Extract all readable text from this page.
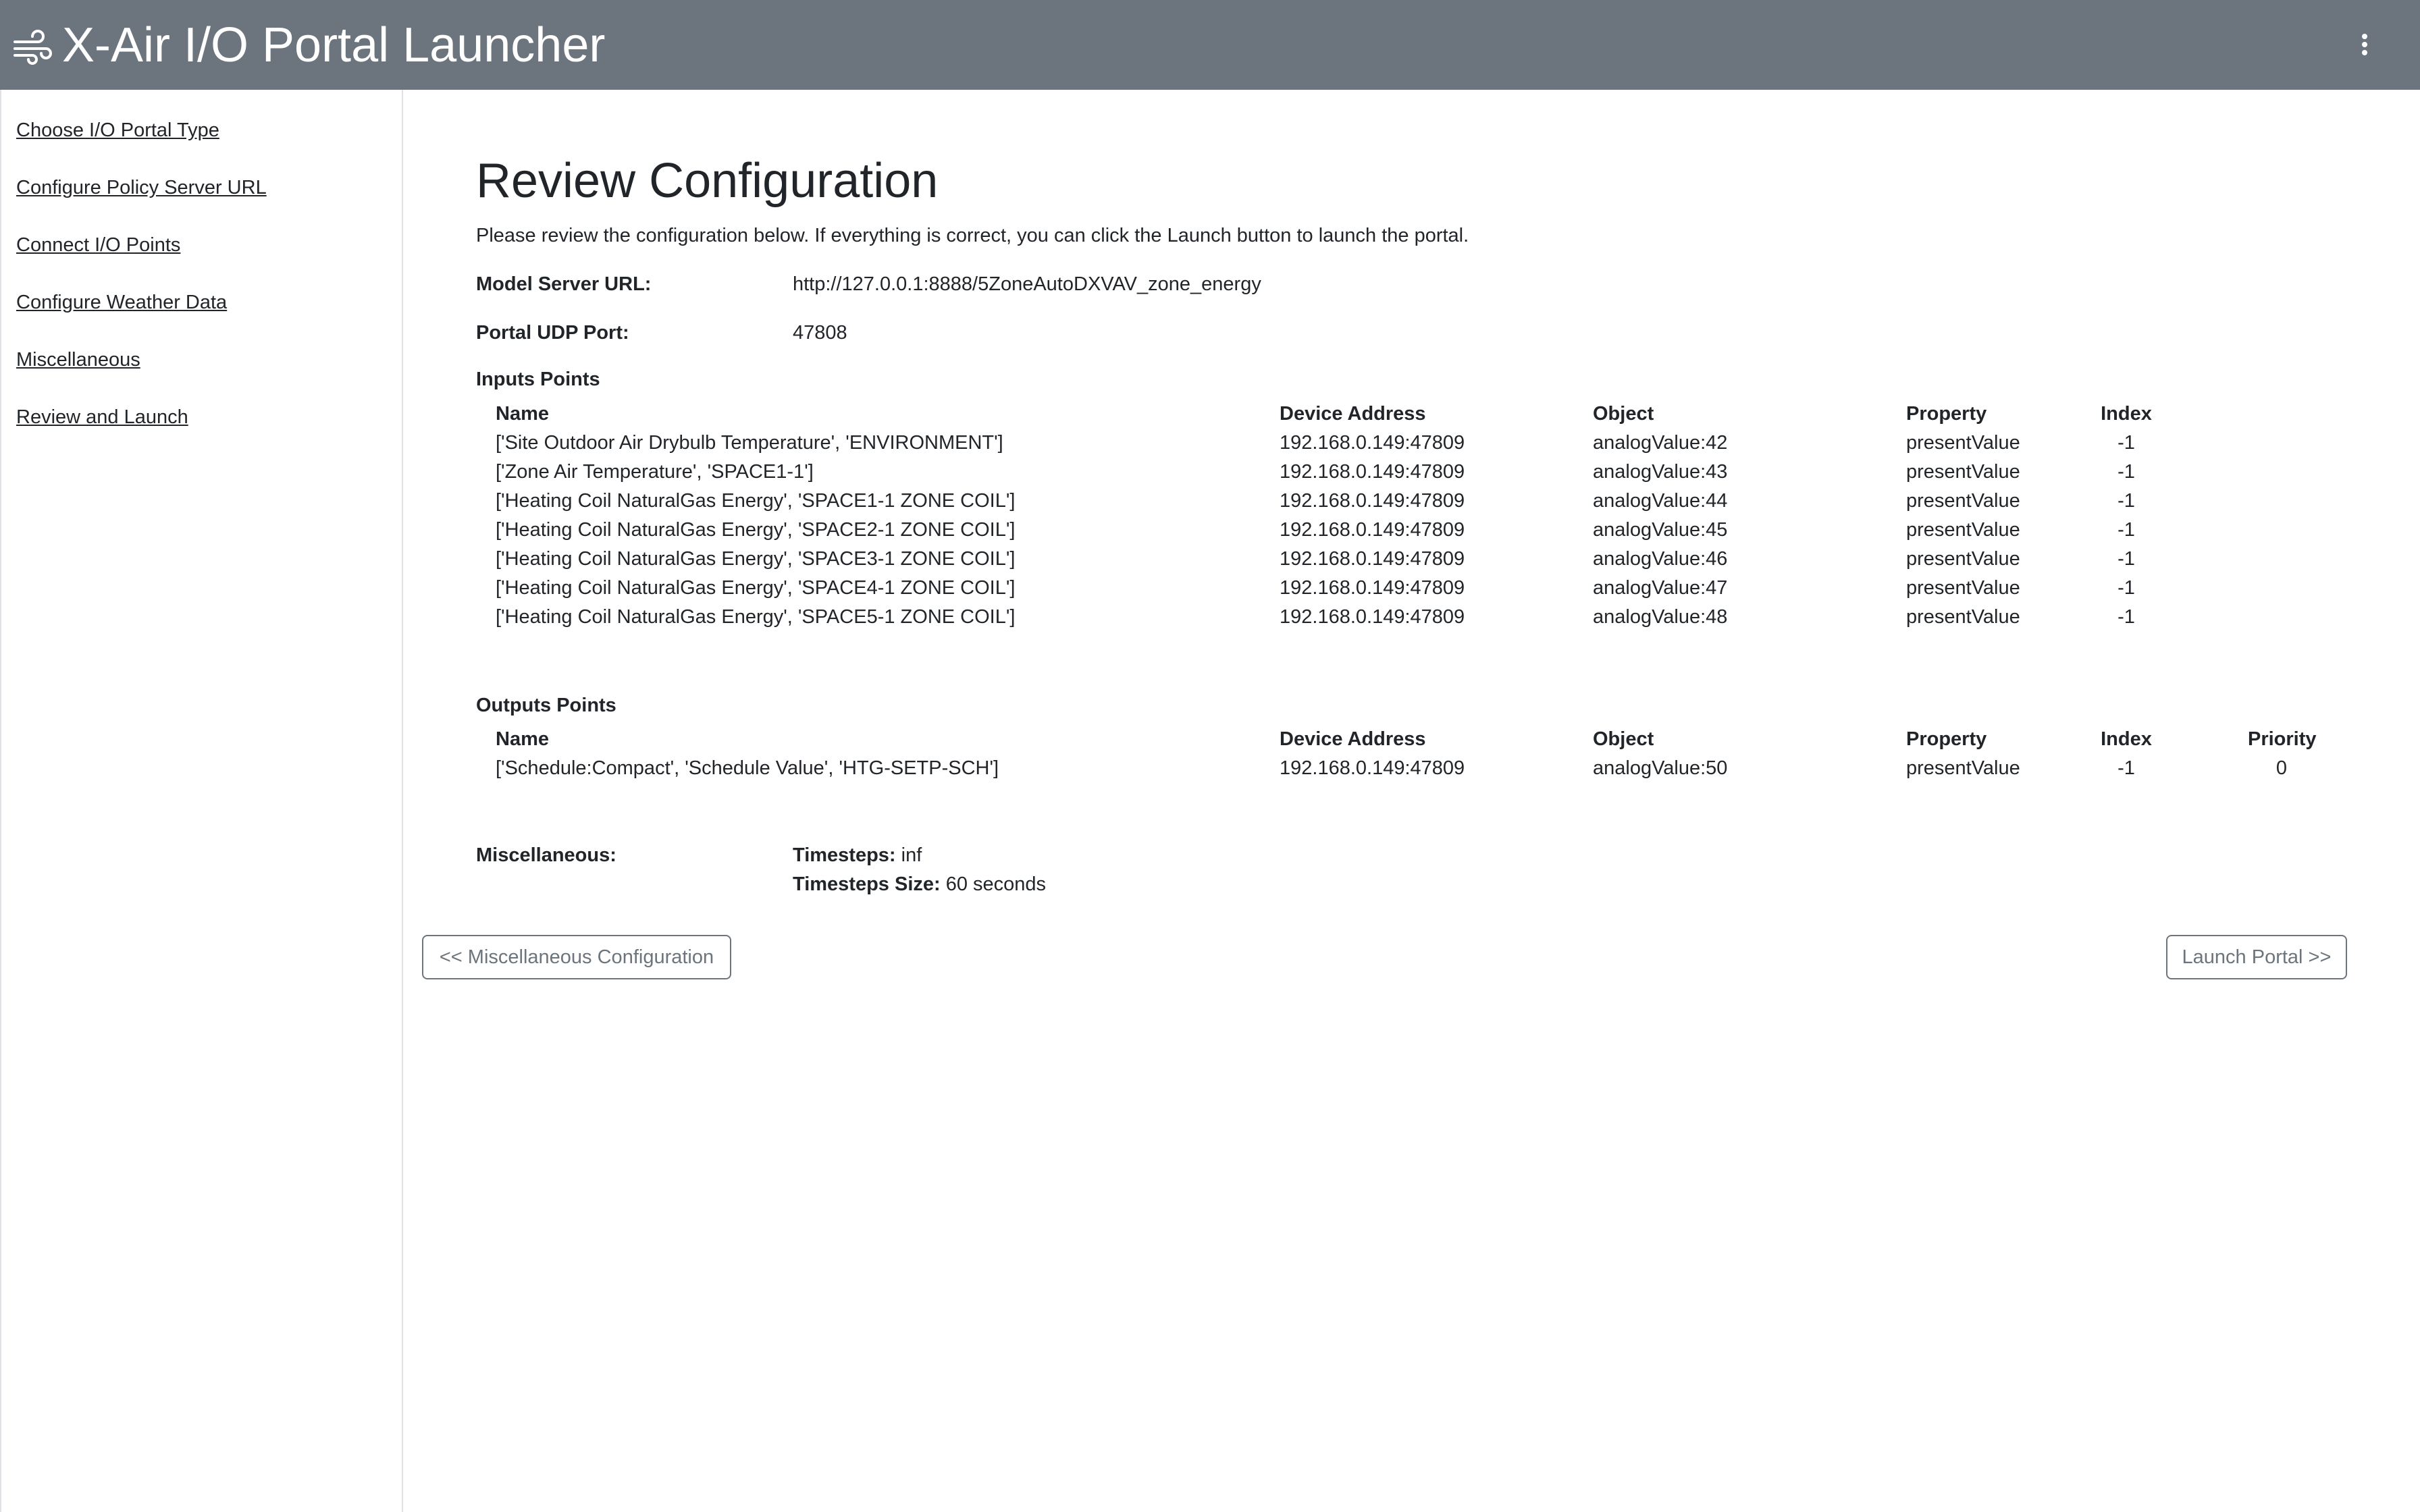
X-Air I/O Portal Launcher
Choose I/O Portal Type
Configure Policy Server URL
Connect I/O Points
Configure Weather Data
Miscellaneous
Review and Launch
Review Configuration
Please review the configuration below. If everything is correct, you can click the Launch button to launch the portal.
Model Server URL:	http://127.0.0.1:8888/5ZoneAutoDXVAV_zone_energy
Portal UDP Port:	47808
Inputs Points
Name	Device Address	Object	Property	Index
['Site Outdoor Air Drybulb Temperature', 'ENVIRONMENT']	192.168.0.149:47809	analogValue:42	presentValue	-1
['Zone Air Temperature', 'SPACE1-1']	192.168.0.149:47809	analogValue:43	presentValue	-1
['Heating Coil NaturalGas Energy', 'SPACE1-1 ZONE COIL']	192.168.0.149:47809	analogValue:44	presentValue	-1
['Heating Coil NaturalGas Energy', 'SPACE2-1 ZONE COIL']	192.168.0.149:47809	analogValue:45	presentValue	-1
['Heating Coil NaturalGas Energy', 'SPACE3-1 ZONE COIL']	192.168.0.149:47809	analogValue:46	presentValue	-1
['Heating Coil NaturalGas Energy', 'SPACE4-1 ZONE COIL']	192.168.0.149:47809	analogValue:47	presentValue	-1
['Heating Coil NaturalGas Energy', 'SPACE5-1 ZONE COIL']	192.168.0.149:47809	analogValue:48	presentValue	-1
Outputs Points
Name	Device Address	Object	Property	Index	Priority
['Schedule:Compact', 'Schedule Value', 'HTG-SETP-SCH']	192.168.0.149:47809	analogValue:50	presentValue	-1	0
Miscellaneous:	Timesteps: inf
Timesteps Size: 60 seconds
<< Miscellaneous Configuration	Launch Portal >>
